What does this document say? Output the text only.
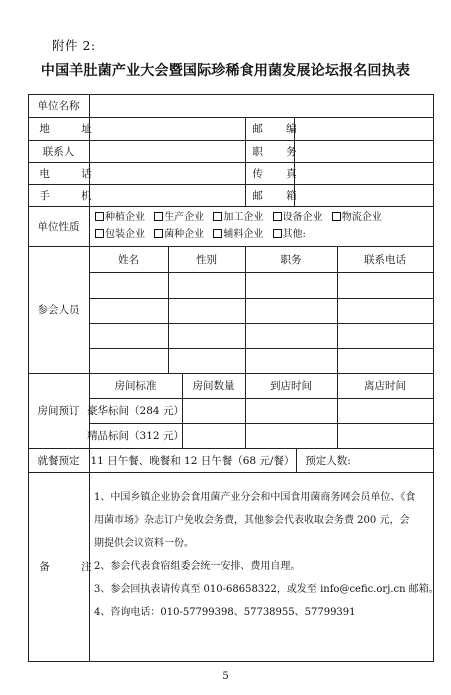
附件 2:
中国羊肚菌产业大会暨国际珍稀食用菌发展论坛报名回执表
单位名称
地 址	邮 编
联系人	职 务
电 话	传 真
手 机	邮 箱
单位性质
种植企业 生产企业 加工企业 设备企业 物流企业
包装企业 菌种企业 辅料企业 其他:
参会人员
姓名	性别	职务	联系电话
房间预订
房间标准	房间数量	到店时间	离店时间
豪华标间（284 元）
精品标间（312 元）
就餐预定	11 日午餐、晚餐和 12 日午餐（68 元/餐）	预定人数:
备 注
1、中国乡镇企业协会食用菌产业分会和中国食用菌商务网会员单位、《食
用菌市场》杂志订户免收会务费，其他参会代表收取会务费 200 元，会
期提供会议资料一份。
2、参会代表食宿组委会统一安排、费用自理。
3、参会回执表请传真至 010-68658322，或发至 info@cefic.orj.cn 邮箱。
4、咨询电话：010-57799398、57738955、57799391
5
